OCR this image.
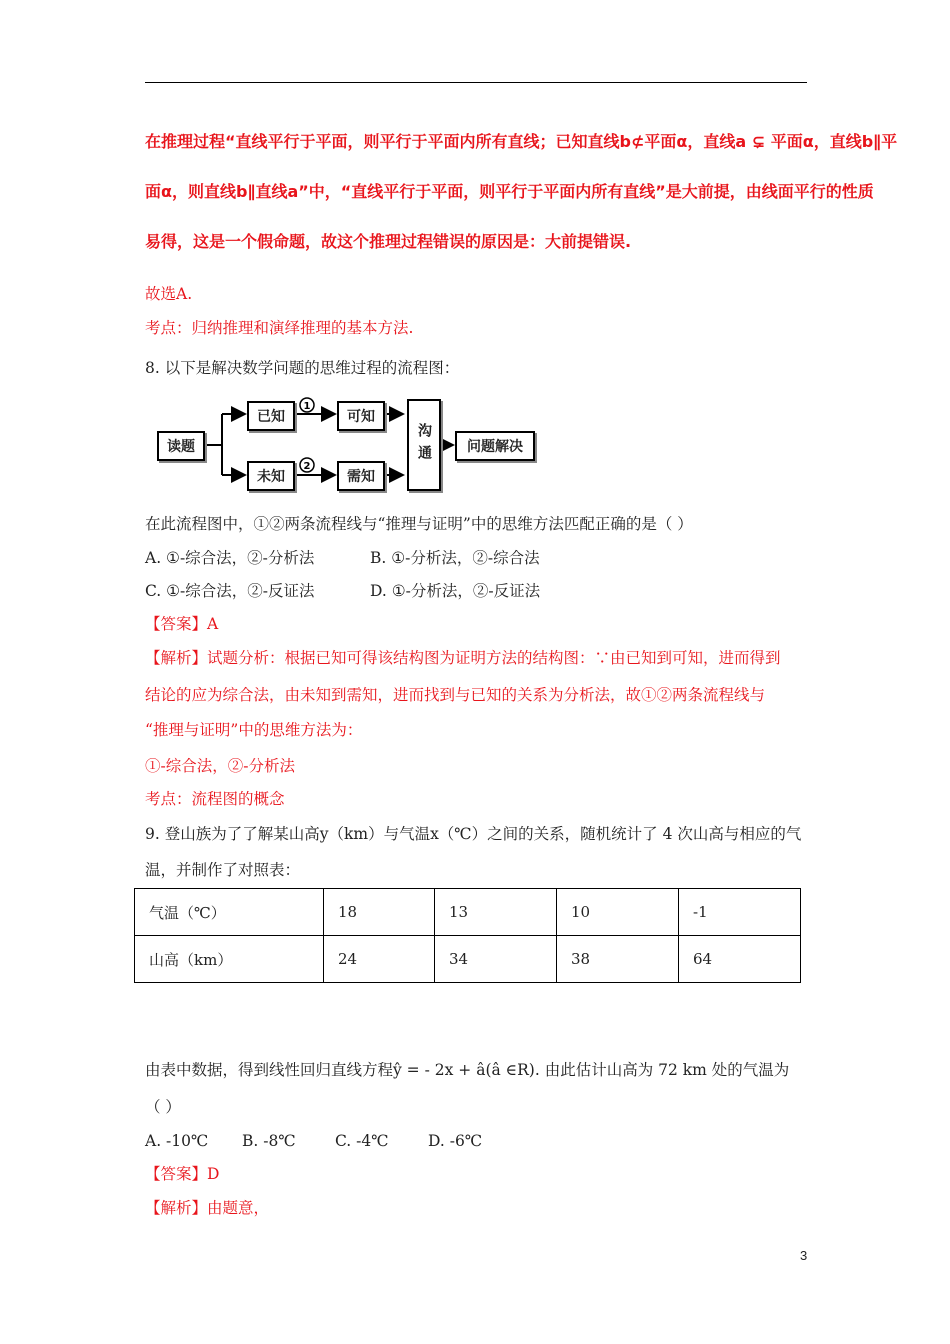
在推理过程“直线平行于平面，则平行于平面内所有直线；已知直线b⊄平面α，直线a ⊊ 平面α，直线b∥平
面α，则直线b∥直线a”中，“直线平行于平面，则平行于平面内所有直线”是大前提，由线面平行的性质
易得，这是一个假命题，故这个推理过程错误的原因是：大前提错误.
故选A.
考点：归纳推理和演绎推理的基本方法.
8. 以下是解决数学问题的思维过程的流程图：
1
2
读题
已知	可知
未知	需知
沟通	问题解决
在此流程图中，①②两条流程线与“推理与证明”中的思维方法匹配正确的是（ ）
A. ①-综合法，②-分析法	B. ①-分析法，②-综合法
C. ①-综合法，②-反证法	D. ①-分析法，②-反证法
【答案】A
【解析】试题分析：根据已知可得该结构图为证明方法的结构图：∵由已知到可知，进而得到
结论的应为综合法，由未知到需知，进而找到与已知的关系为分析法，故①②两条流程线与
“推理与证明”中的思维方法为：
①-综合法，②-分析法
考点：流程图的概念
9. 登山族为了了解某山高y（km）与气温x（℃）之间的关系，随机统计了 4 次山高与相应的气
温，并制作了对照表：
气温（℃）	18	13	10	-1
山高（km）	24	34	38	64
由表中数据，得到线性回归直线方程ŷ = - 2x + â(â ∈R). 由此估计山高为 72 km 处的气温为
（ ）
A. -10℃ B. -8℃	C. -4℃	D. -6℃
【答案】D
【解析】由题意，
3
